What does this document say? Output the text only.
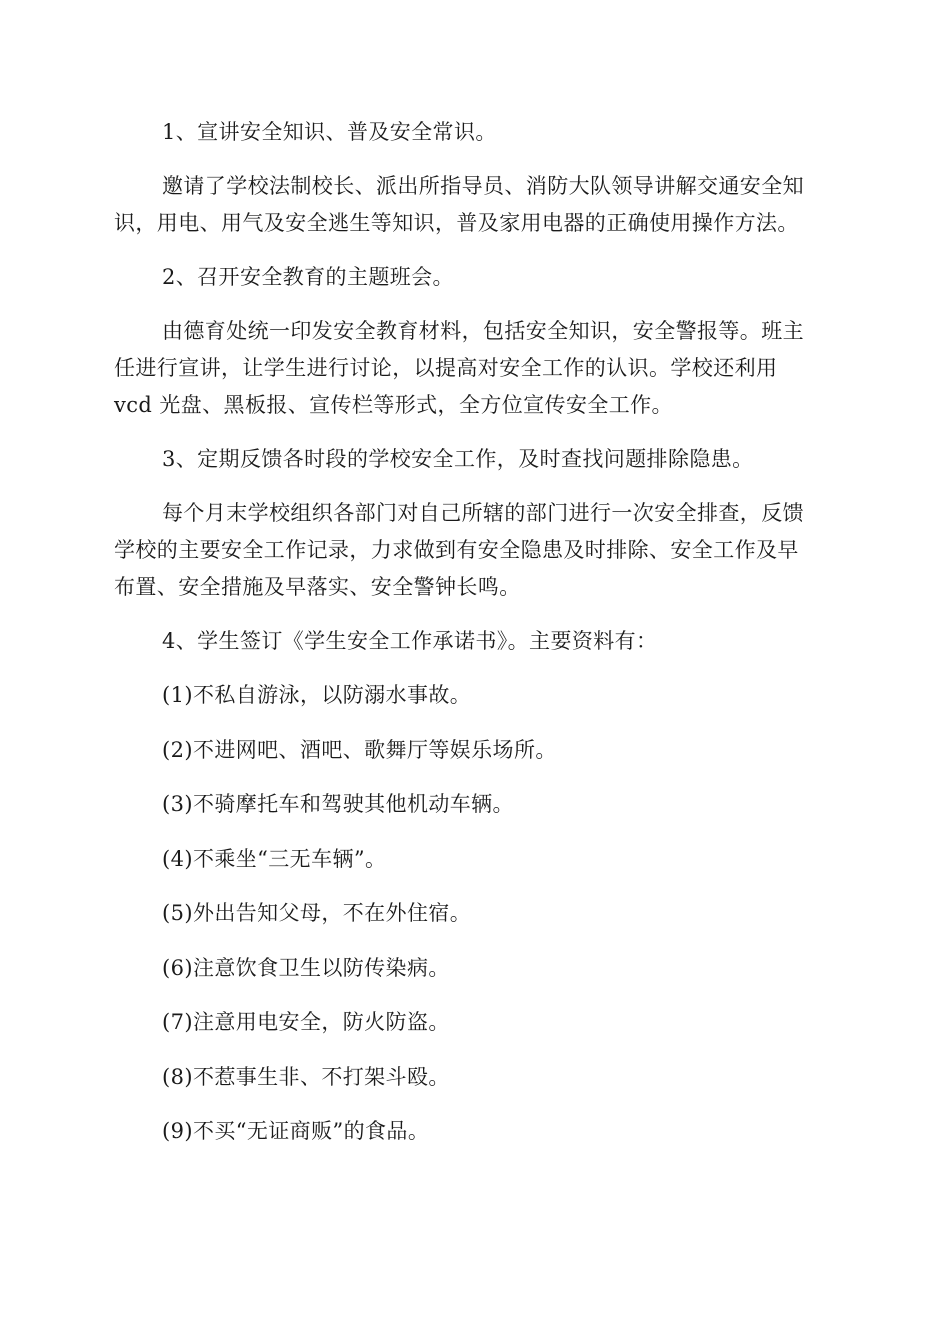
1、宣讲安全知识、普及安全常识。
邀请了学校法制校长、派出所指导员、消防大队领导讲解交通安全知
识，用电、用气及安全逃生等知识，普及家用电器的正确使用操作方法。
2、召开安全教育的主题班会。
由德育处统一印发安全教育材料，包括安全知识，安全警报等。班主
任进行宣讲，让学生进行讨论，以提高对安全工作的认识。学校还利用
vcd 光盘、黑板报、宣传栏等形式，全方位宣传安全工作。
3、定期反馈各时段的学校安全工作，及时查找问题排除隐患。
每个月末学校组织各部门对自己所辖的部门进行一次安全排查，反馈
学校的主要安全工作记录，力求做到有安全隐患及时排除、安全工作及早
布置、安全措施及早落实、安全警钟长鸣。
4、学生签订《学生安全工作承诺书》。主要资料有：
(1)不私自游泳，以防溺水事故。
(2)不进网吧、酒吧、歌舞厅等娱乐场所。
(3)不骑摩托车和驾驶其他机动车辆。
(4)不乘坐“三无车辆”。
(5)外出告知父母，不在外住宿。
(6)注意饮食卫生以防传染病。
(7)注意用电安全，防火防盗。
(8)不惹事生非、不打架斗殴。
(9)不买“无证商贩”的食品。
